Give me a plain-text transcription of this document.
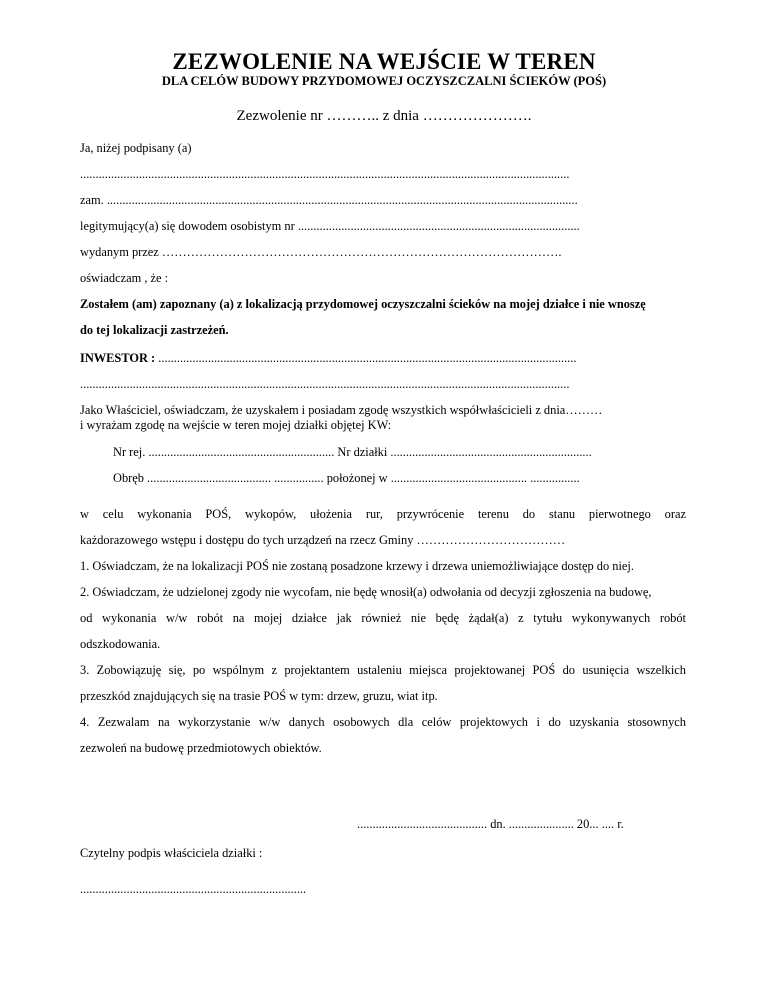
ZEZWOLENIE NA WEJŚCIE W TEREN
DLA CELÓW BUDOWY PRZYDOMOWEJ OCZYSZCZALNI ŚCIEKÓW (POŚ)
Zezwolenie nr ……….. z dnia ………………….
Ja, niżej podpisany (a)
..............................................................................................................................................................
zam. ........................................................................................................................................................
legitymujący(a) się dowodem osobistym nr ...........................................................................................
wydanym przez …………………………………………………………………………………….
oświadczam , że :
Zostałem (am) zapoznany (a) z lokalizacją przydomowej oczyszczalni ścieków na mojej działce i nie wnoszę
do tej lokalizacji zastrzeżeń.
INWESTOR : .......................................................................................................................................
..............................................................................................................................................................
Jako Właściciel, oświadczam, że uzyskałem i posiadam zgodę wszystkich współwłaścicieli z dnia………
i wyrażam zgodę na wejście w teren mojej działki objętej KW:
Nr rej. ............................................................ Nr działki .................................................................
Obręb ........................................ ................ położonej w ............................................ ................
w celu wykonania POŚ, wykopów, ułożenia rur, przywrócenie terenu do stanu pierwotnego oraz
każdorazowego wstępu i dostępu do tych urządzeń na rzecz Gminy ………………………………
1. Oświadczam, że na lokalizacji POŚ nie zostaną posadzone krzewy i drzewa uniemożliwiające dostęp do niej.
2. Oświadczam, że udzielonej zgody nie wycofam, nie będę wnosił(a) odwołania od decyzji zgłoszenia na budowę,
od wykonania w/w robót na mojej działce jak również nie będę żądał(a) z tytułu wykonywanych robót
odszkodowania.
3. Zobowiązuję się, po wspólnym z projektantem ustaleniu miejsca projektowanej POŚ do usunięcia wszelkich
przeszkód znajdujących się na trasie POŚ w tym: drzew, gruzu, wiat itp.
4. Zezwalam na wykorzystanie w/w danych osobowych dla celów projektowych i do uzyskania stosownych
zezwoleń na budowę przedmiotowych obiektów.
.......................................... dn. ..................... 20... .... r.
Czytelny podpis właściciela działki :
.........................................................................
